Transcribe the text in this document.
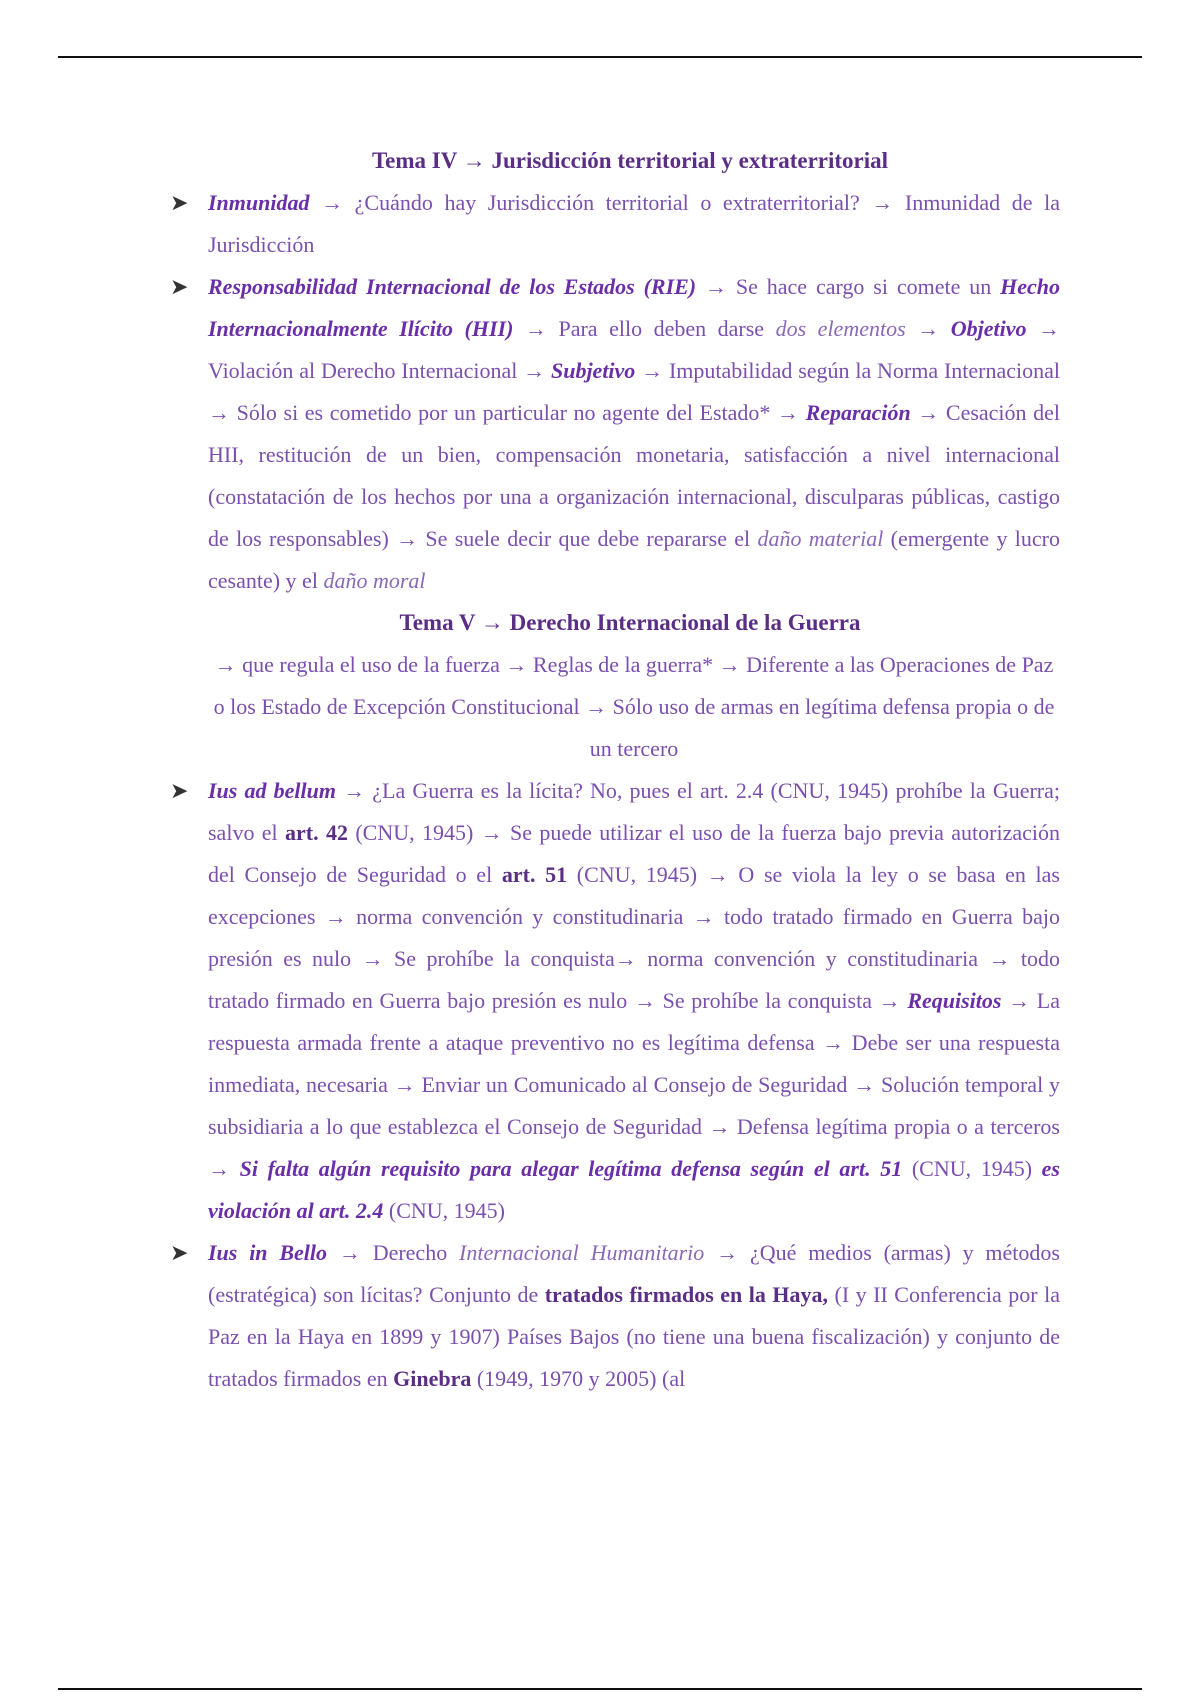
Tema IV → Jurisdicción territorial y extraterritorial
➤ Inmunidad → ¿Cuándo hay Jurisdicción territorial o extraterritorial? → Inmunidad de la Jurisdicción

➤ Responsabilidad Internacional de los Estados (RIE) → Se hace cargo si comete un Hecho Internacionalmente Ilícito (HII) → Para ello deben darse dos elementos → Objetivo → Violación al Derecho Internacional → Subjetivo → Imputabilidad según la Norma Internacional → Sólo si es cometido por un particular no agente del Estado* → Reparación → Cesación del HII, restitución de un bien, compensación monetaria, satisfacción a nivel internacional (constatación de los hechos por una a organización internacional, disculparas públicas, castigo de los responsables) → Se suele decir que debe repararse el daño material (emergente y lucro cesante) y el daño moral

Tema V → Derecho Internacional de la Guerra

→ que regula el uso de la fuerza → Reglas de la guerra* → Diferente a las Operaciones de Paz o los Estado de Excepción Constitucional → Sólo uso de armas en legítima defensa propia o de un tercero

➤ Ius ad bellum → ¿La Guerra es la lícita? No, pues el art. 2.4 (CNU, 1945) prohíbe la Guerra; salvo el art. 42 (CNU, 1945) → Se puede utilizar el uso de la fuerza bajo previa autorización del Consejo de Seguridad o el art. 51 (CNU, 1945) → O se viola la ley o se basa en las excepciones → norma convención y constitudinaria → todo tratado firmado en Guerra bajo presión es nulo → Se prohíbe la conquista→ norma convención y constitudinaria → todo tratado firmado en Guerra bajo presión es nulo → Se prohíbe la conquista → Requisitos → La respuesta armada frente a ataque preventivo no es legítima defensa → Debe ser una respuesta inmediata, necesaria → Enviar un Comunicado al Consejo de Seguridad → Solución temporal y subsidiaria a lo que establezca el Consejo de Seguridad → Defensa legítima propia o a terceros → Si falta algún requisito para alegar legítima defensa según el art. 51 (CNU, 1945) es violación al art. 2.4 (CNU, 1945)

➤ Ius in Bello → Derecho Internacional Humanitario → ¿Qué medios (armas) y métodos (estratégica) son lícitas? Conjunto de tratados firmados en la Haya, (I y II Conferencia por la Paz en la Haya en 1899 y 1907) Países Bajos (no tiene una buena fiscalización) y conjunto de tratados firmados en Ginebra (1949, 1970 y 2005) (al
